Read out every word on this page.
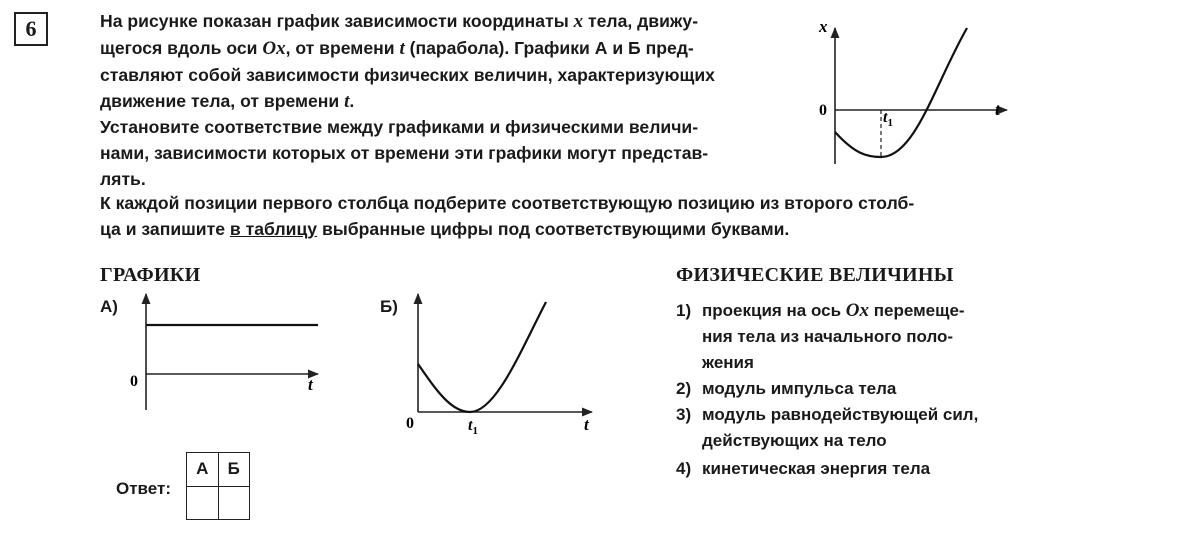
6	На рисунке показан график зависимости координаты x тела, движу-
щегося вдоль оси Ox, от времени t (парабола). Графики А и Б пред-
ставляют собой зависимости физических величин, характеризующих
движение тела, от времени t.

Установите соответствие между графиками и физическими величи-
нами, зависимости которых от времени эти графики могут представ-
лять.

К каждой позиции первого столбца подберите соответствующую позицию из второго столб-
ца и запишите в таблицу выбранные цифры под соответствующими буквами.

x
0	t
$t_1$
ГРАФИКИ
А)
0	t
Б)
0	t
$t_1$
ФИЗИЧЕСКИЕ ВЕЛИЧИНЫ
1) проекция на ось Ox перемеще-
ния тела из начального поло-
жения
2) модуль импульса тела
3) модуль равнодействующей сил,
действующих на тело
4) кинетическая энергия тела
Ответ:
А	Б
